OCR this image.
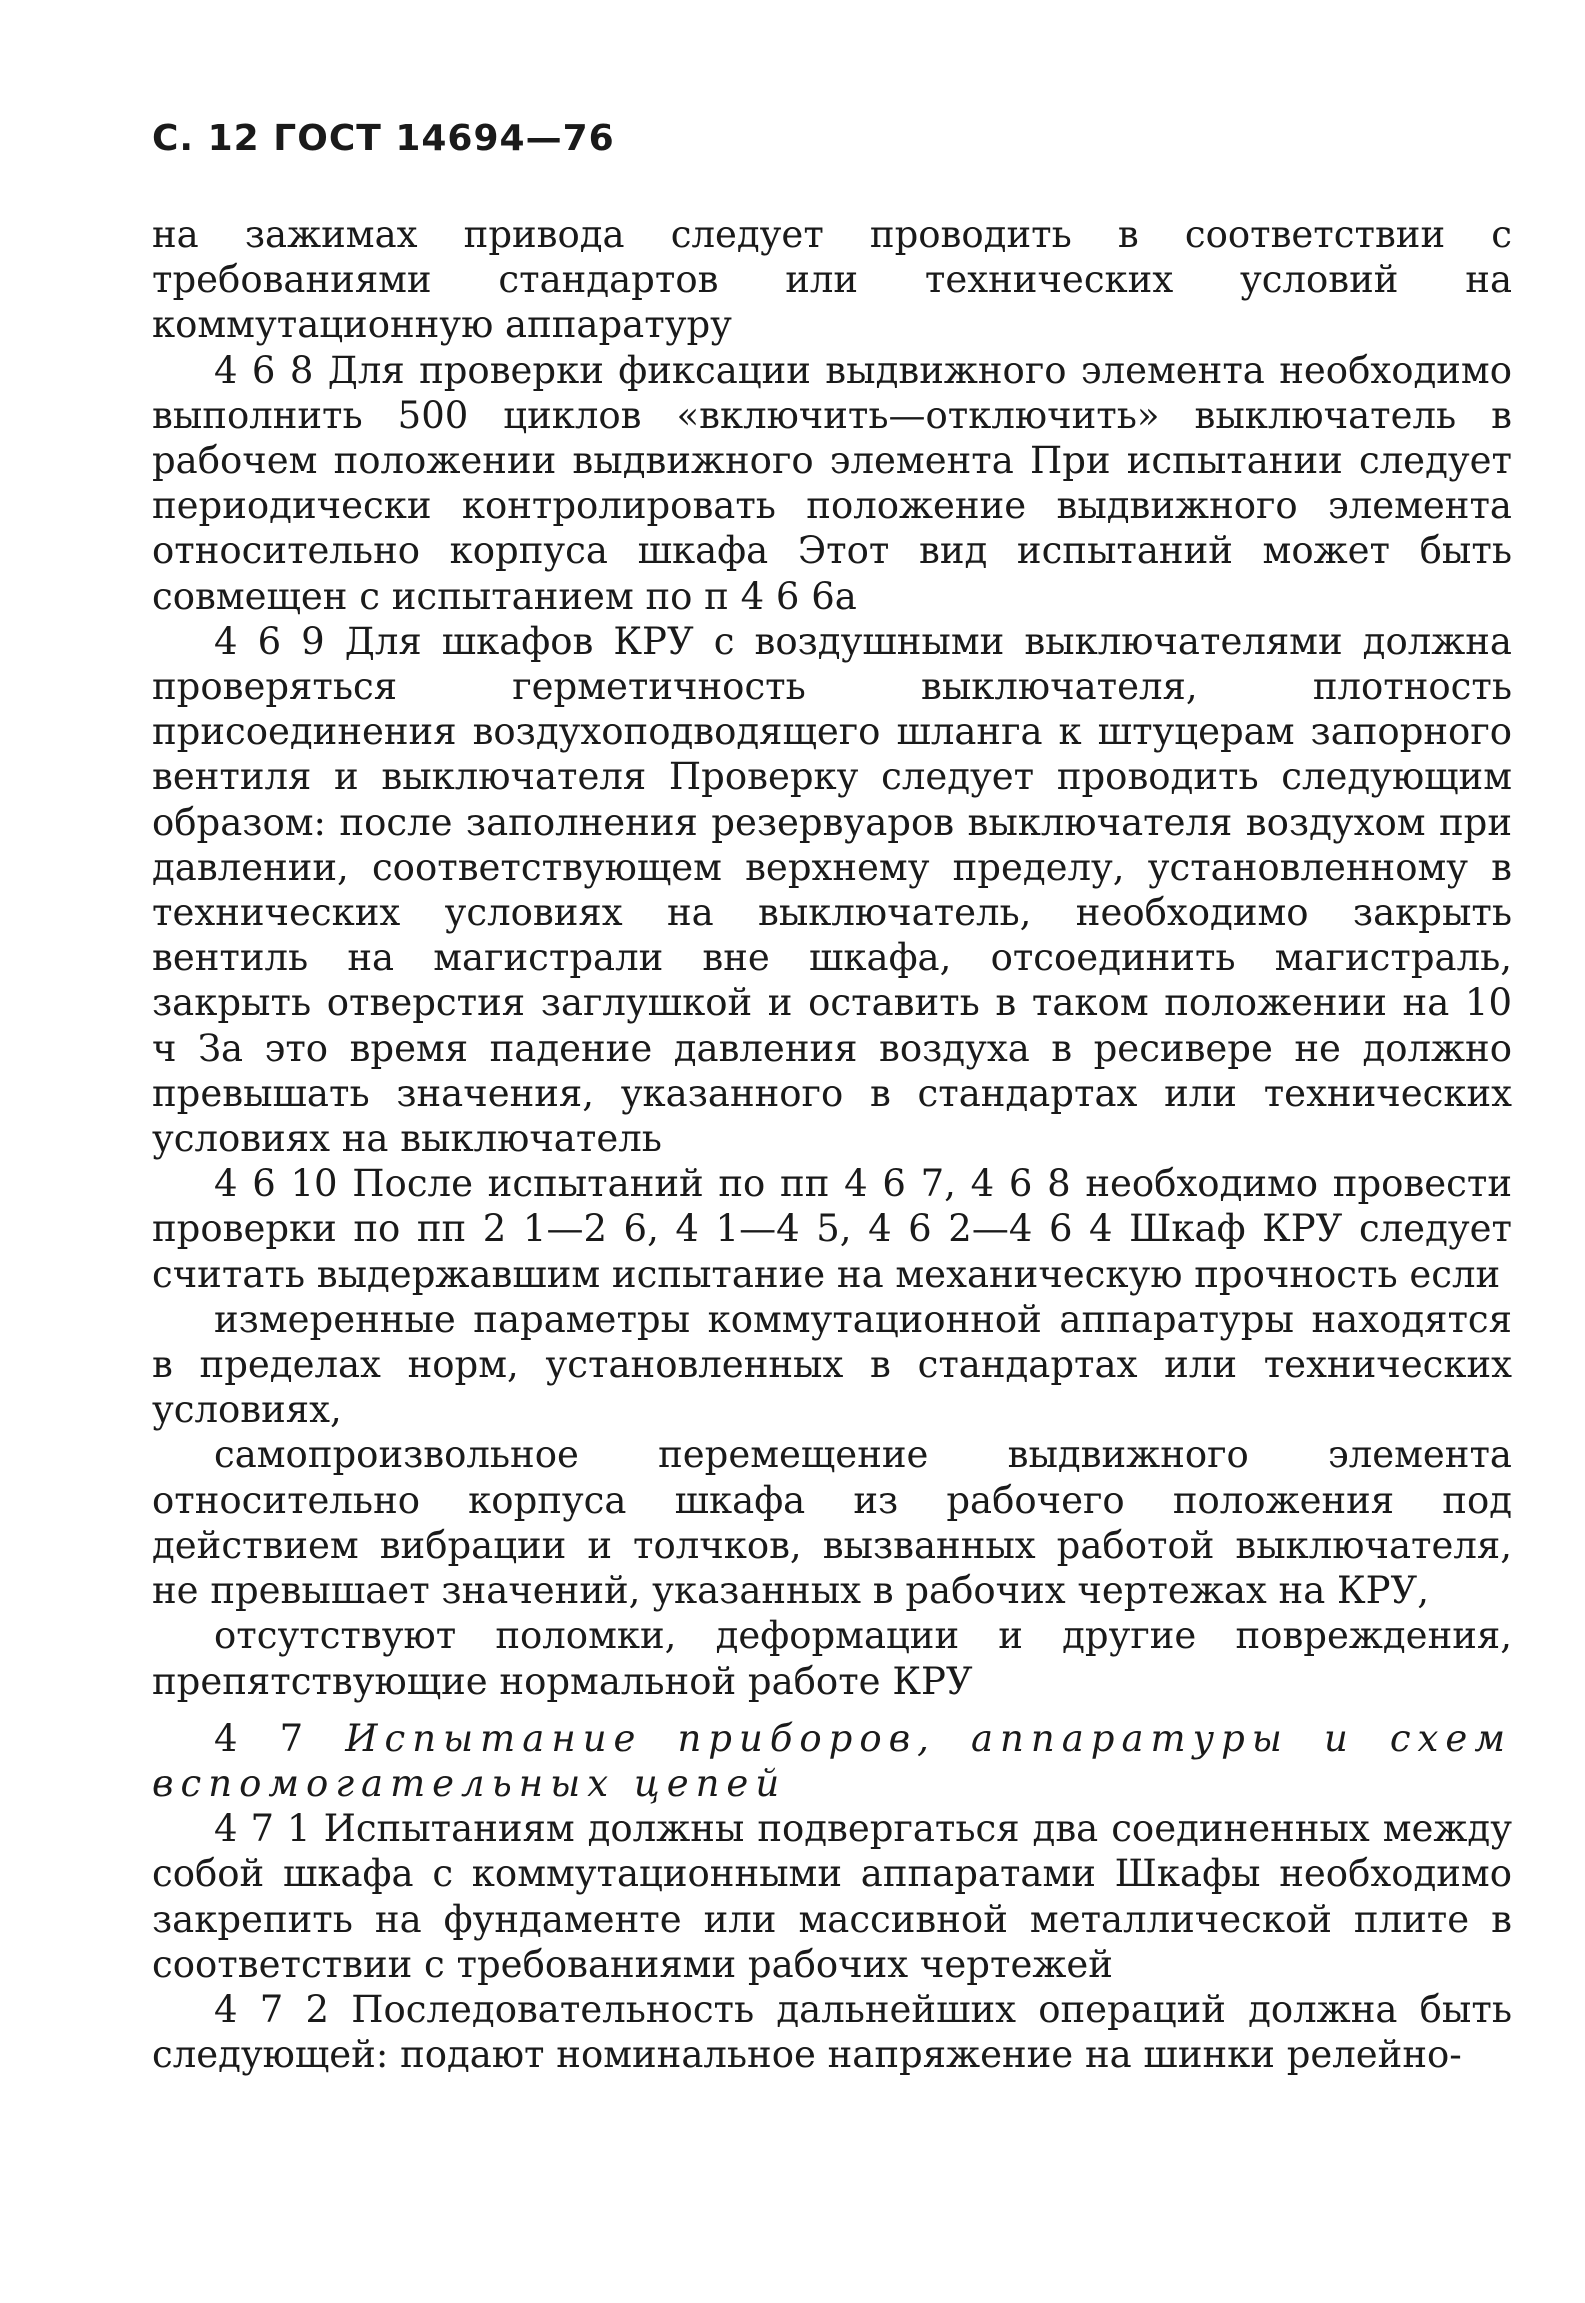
С. 12 ГОСТ 14694—76

на зажимах привода следует проводить в соответствии с требованиями стандартов или технических условий на коммутационную аппаратуру

4 6 8 Для проверки фиксации выдвижного элемента необходимо выполнить 500 циклов «включить—отключить» выключатель в рабочем положении выдвижного элемента При испытании следует периодически контролировать положение выдвижного элемента относительно корпуса шкафа Этот вид испытаний может быть совмещен с испытанием по п 4 6 6а

4 6 9 Для шкафов КРУ с воздушными выключателями должна проверяться герметичность выключателя, плотность присоединения воздухоподводящего шланга к штуцерам запорного вентиля и выключателя Проверку следует проводить следующим образом: после заполнения резервуаров выключателя воздухом при давлении, соответствующем верхнему пределу, установленному в технических условиях на выключатель, необходимо закрыть вентиль на магистрали вне шкафа, отсоединить магистраль, закрыть отверстия заглушкой и оставить в таком положении на 10 ч За это время падение давления воздуха в ресивере не должно превышать значения, указанного в стандартах или технических условиях на выключатель

4 6 10 После испытаний по пп 4 6 7, 4 6 8 необходимо провести проверки по пп 2 1—2 6, 4 1—4 5, 4 6 2—4 6 4 Шкаф КРУ следует считать выдержавшим испытание на механическую прочность если

измеренные параметры коммутационной аппаратуры находятся в пределах норм, установленных в стандартах или технических условиях,

самопроизвольное перемещение выдвижного элемента относительно корпуса шкафа из рабочего положения под действием вибрации и толчков, вызванных работой выключателя, не превышает значений, указанных в рабочих чертежах на КРУ,

отсутствуют поломки, деформации и другие повреждения, препятствующие нормальной работе КРУ

4 7 Испытание приборов, аппаратуры и схем вспомогательных цепей

4 7 1 Испытаниям должны подвергаться два соединенных между собой шкафа с коммутационными аппаратами Шкафы необходимо закрепить на фундаменте или массивной металлической плите в соответствии с требованиями рабочих чертежей

4 7 2 Последовательность дальнейших операций должна быть следующей: подают номинальное напряжение на шинки релейно-
